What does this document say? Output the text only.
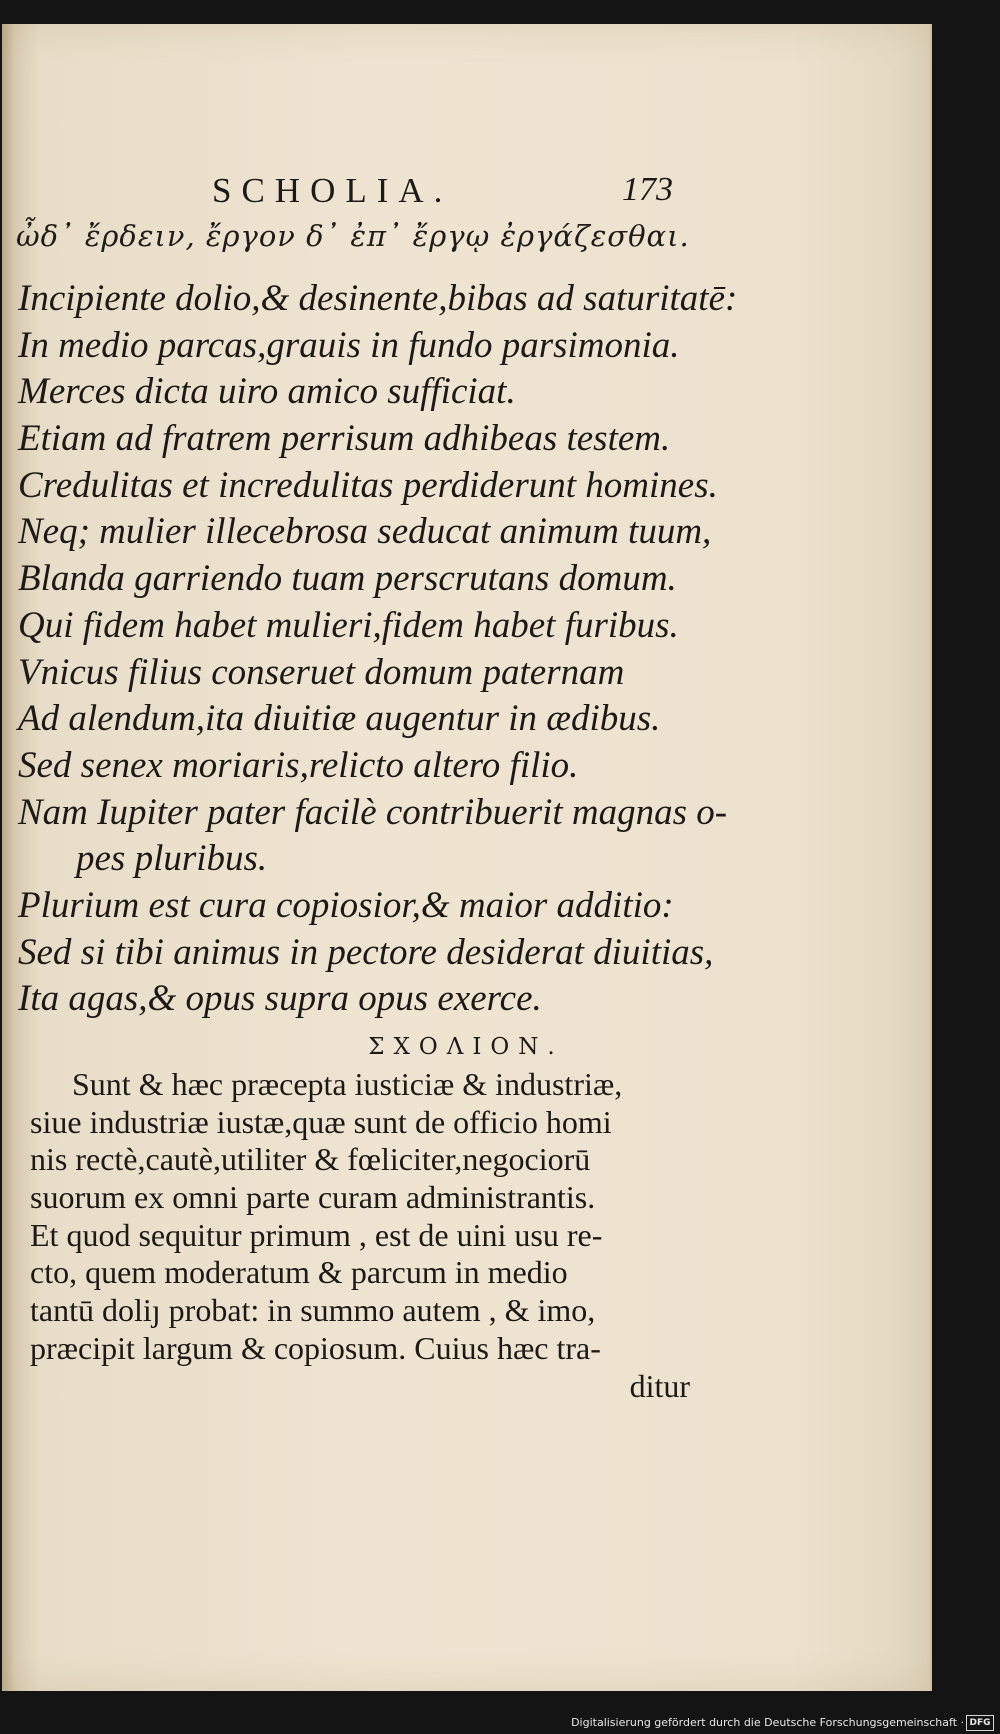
SCHOLIA.	173
ὦδ᾽ ἔρδειν, ἔργον δ᾽ ἐπ᾽ ἔργῳ ἐργάζεσθαι.
Incipiente dolio,& desinente,bibas ad saturitatē:
In medio parcas,grauis in fundo parsimonia.
Merces dicta uiro amico sufficiat.
Etiam ad fratrem perrisum adhibeas testem.
Credulitas et incredulitas perdiderunt homines.
Neq; mulier illecebrosa seducat animum tuum,
Blanda garriendo tuam perscrutans domum.
Qui fidem habet mulieri,fidem habet furibus.
Vnicus filius conseruet domum paternam
Ad alendum,ita diuitiæ augentur in ædibus.
Sed senex moriaris,relicto altero filio.
Nam Iupiter pater facilè contribuerit magnas o-
pes pluribus.
Plurium est cura copiosior,& maior additio:
Sed si tibi animus in pectore desiderat diuitias,
Ita agas,& opus supra opus exerce.
ΣΧΟΛΙΟΝ.
Sunt & hæc præcepta iusticiæ & industriæ,
siue industriæ iustæ,quæ sunt de officio homi
nis rectè,cautè,utiliter & fœliciter,negociorū
suorum ex omni parte curam administrantis.
Et quod sequitur primum , est de uini usu re-
cto, quem moderatum & parcum in medio
tantū doliȷ probat: in summo autem , & imo,
præcipit largum & copiosum. Cuius hæc tra-
ditur
Digitalisierung gefördert durch die Deutsche Forschungsgemeinschaft · DFG
